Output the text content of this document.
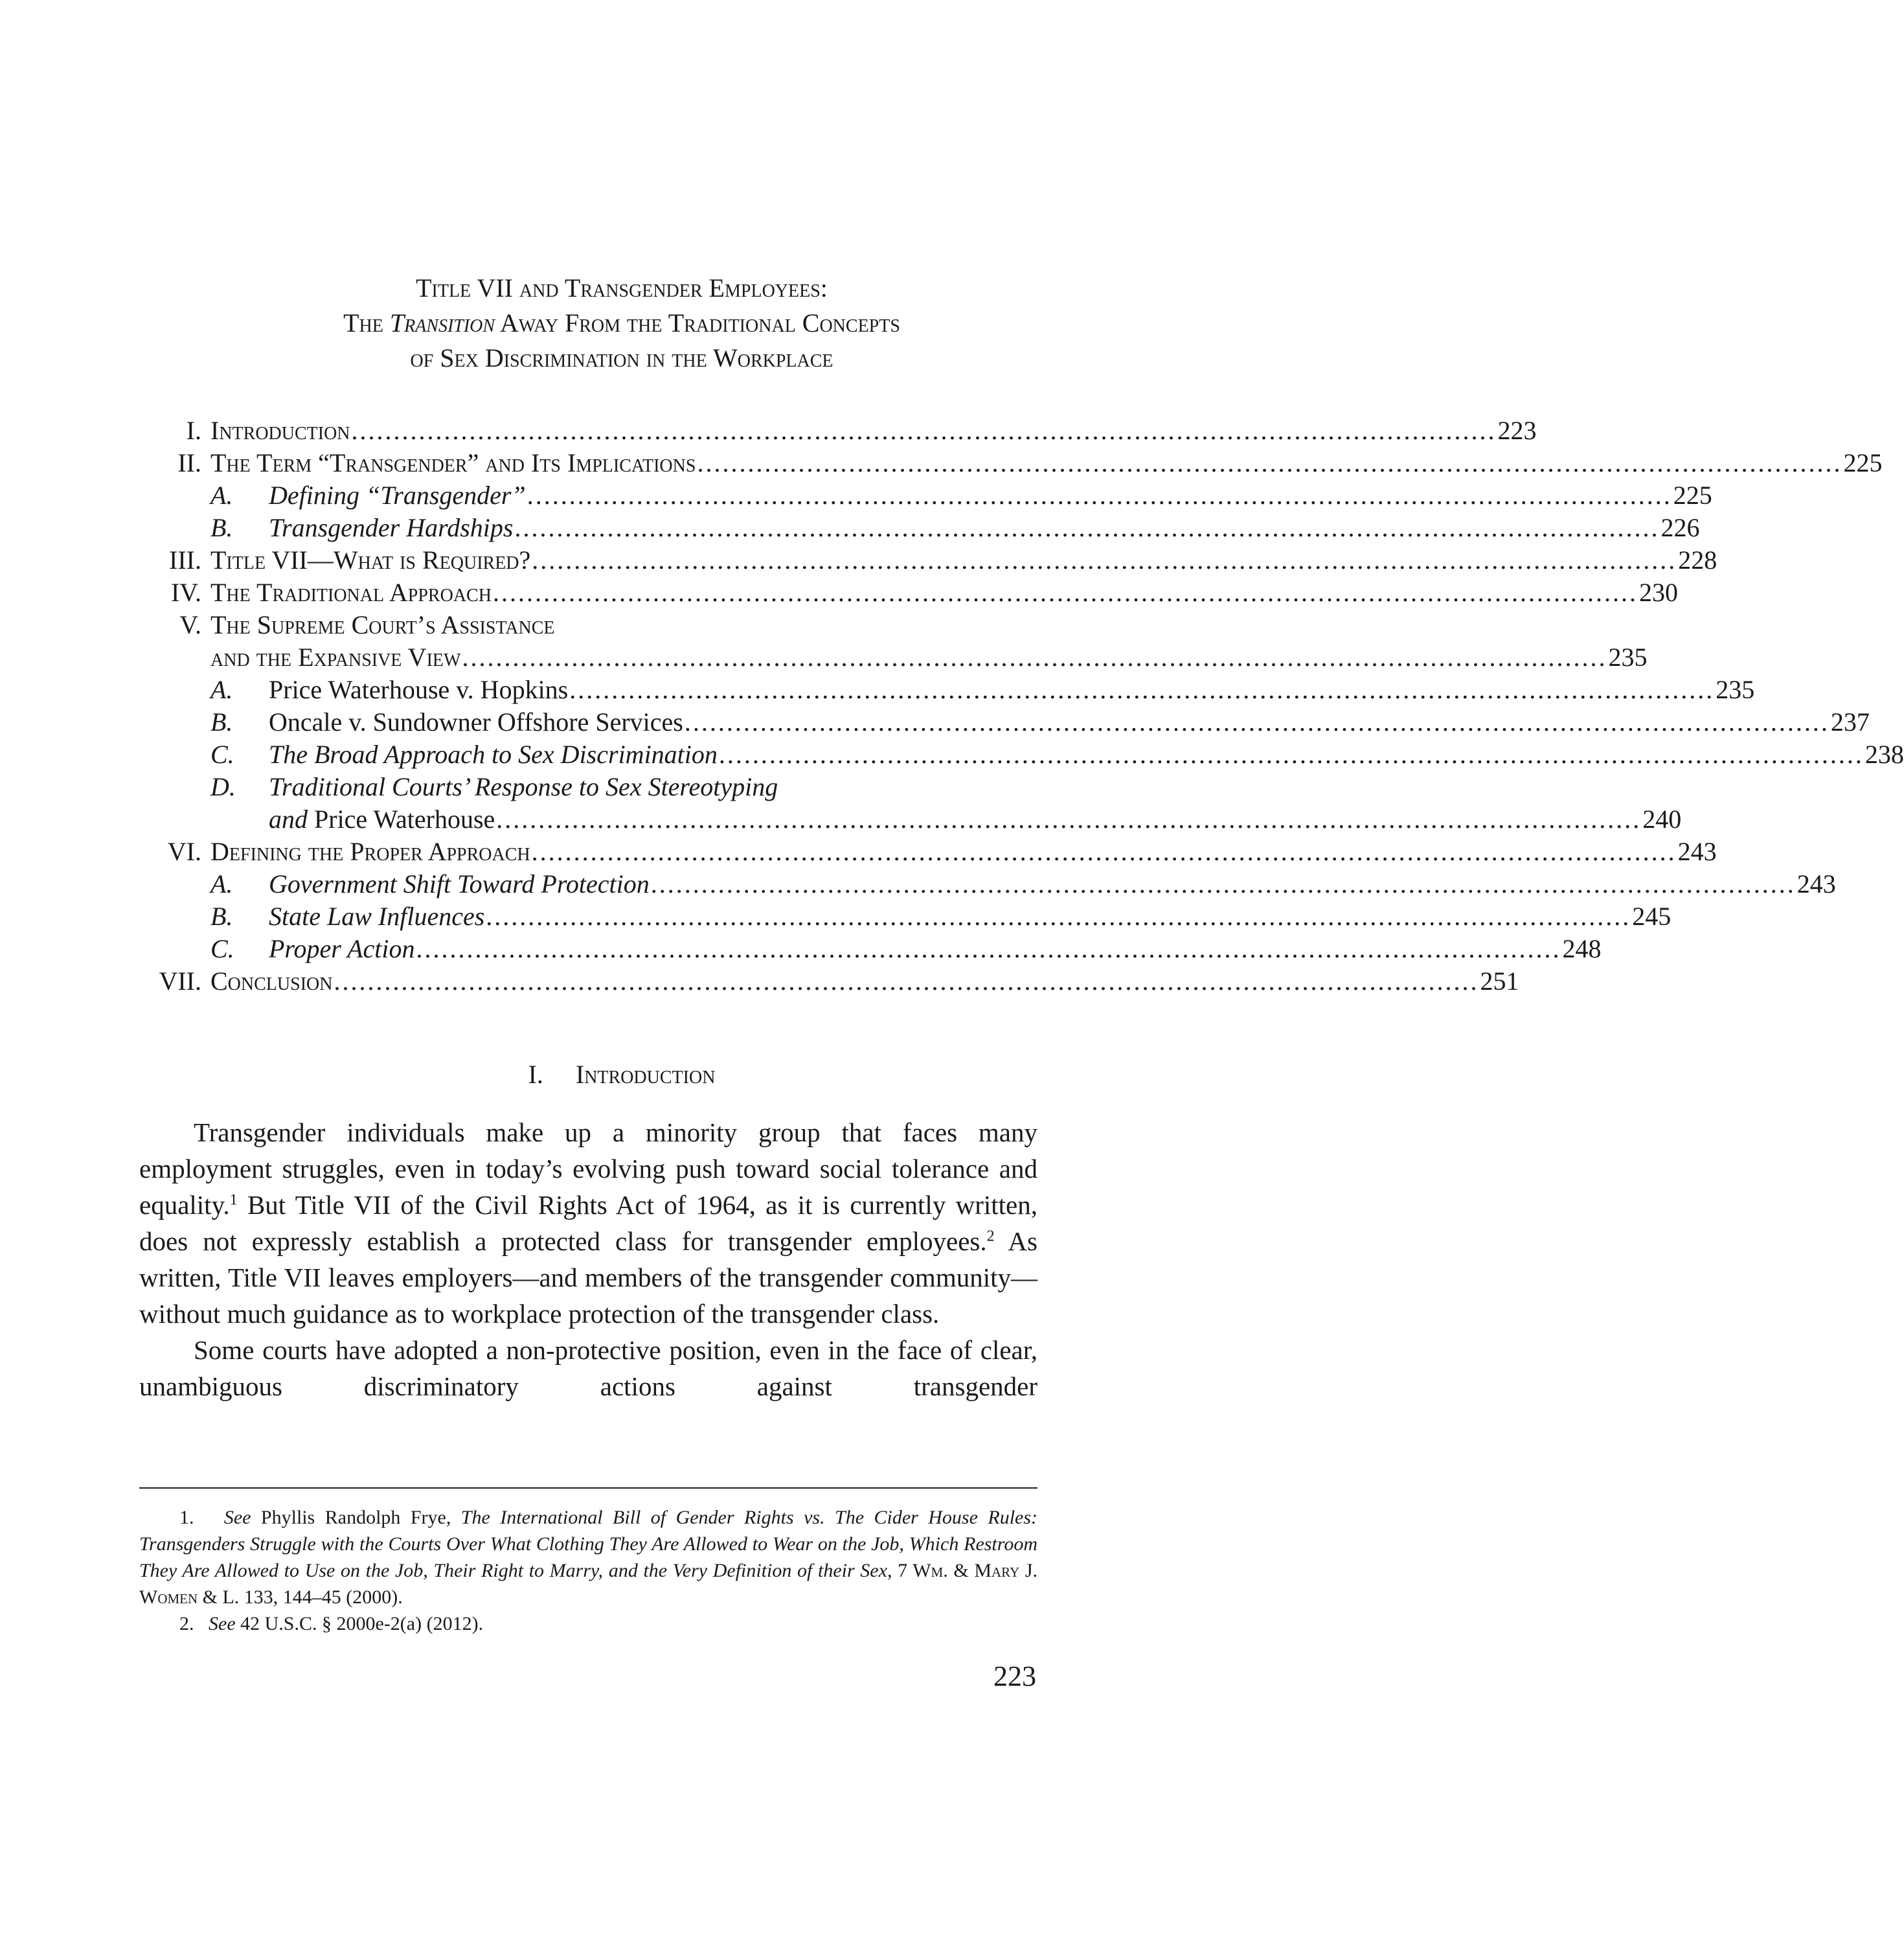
Title VII and Transgender Employees:
The Transition Away From the Traditional Concepts
of Sex Discrimination in the Workplace
I. Introduction ........................................................................................................................................ 223
II. The Term “Transgender” and Its Implications ........................................................................................................................................ 225
A.	Defining “Transgender” ........................................................................................................................................ 225
B.	Transgender Hardships ........................................................................................................................................ 226
III. Title VII—What is Required? ........................................................................................................................................ 228
IV. The Traditional Approach ........................................................................................................................................ 230
V. The Supreme Court’s Assistance
and the Expansive View ........................................................................................................................................ 235
A.	Price Waterhouse v. Hopkins ........................................................................................................................................ 235
B.	Oncale v. Sundowner Offshore Services ........................................................................................................................................ 237
C.	The Broad Approach to Sex Discrimination ........................................................................................................................................ 238
D.	Traditional Courts’ Response to Sex Stereotyping
and Price Waterhouse ........................................................................................................................................ 240
VI. Defining the Proper Approach ........................................................................................................................................ 243
A.	Government Shift Toward Protection ........................................................................................................................................ 243
B.	State Law Influences ........................................................................................................................................ 245
C.	Proper Action ........................................................................................................................................ 248
VII. Conclusion ........................................................................................................................................ 251
I. Introduction

Transgender individuals make up a minority group that faces many employment struggles, even in today’s evolving push toward social tolerance and equality.$^1$ But Title VII of the Civil Rights Act of 1964, as it is currently written, does not expressly establish a protected class for transgender employees.$^2$ As written, Title VII leaves employers—and members of the transgender community—without much guidance as to workplace protection of the transgender class.

Some courts have adopted a non-protective position, even in the face of clear, unambiguous discriminatory actions against transgender

1. See Phyllis Randolph Frye, The International Bill of Gender Rights vs. The Cider House Rules: Transgenders Struggle with the Courts Over What Clothing They Are Allowed to Wear on the Job, Which Restroom They Are Allowed to Use on the Job, Their Right to Marry, and the Very Definition of their Sex, 7 Wm. & Mary J. Women & L. 133, 144–45 (2000).

2. See 42 U.S.C. § 2000e-2(a) (2012).

223
